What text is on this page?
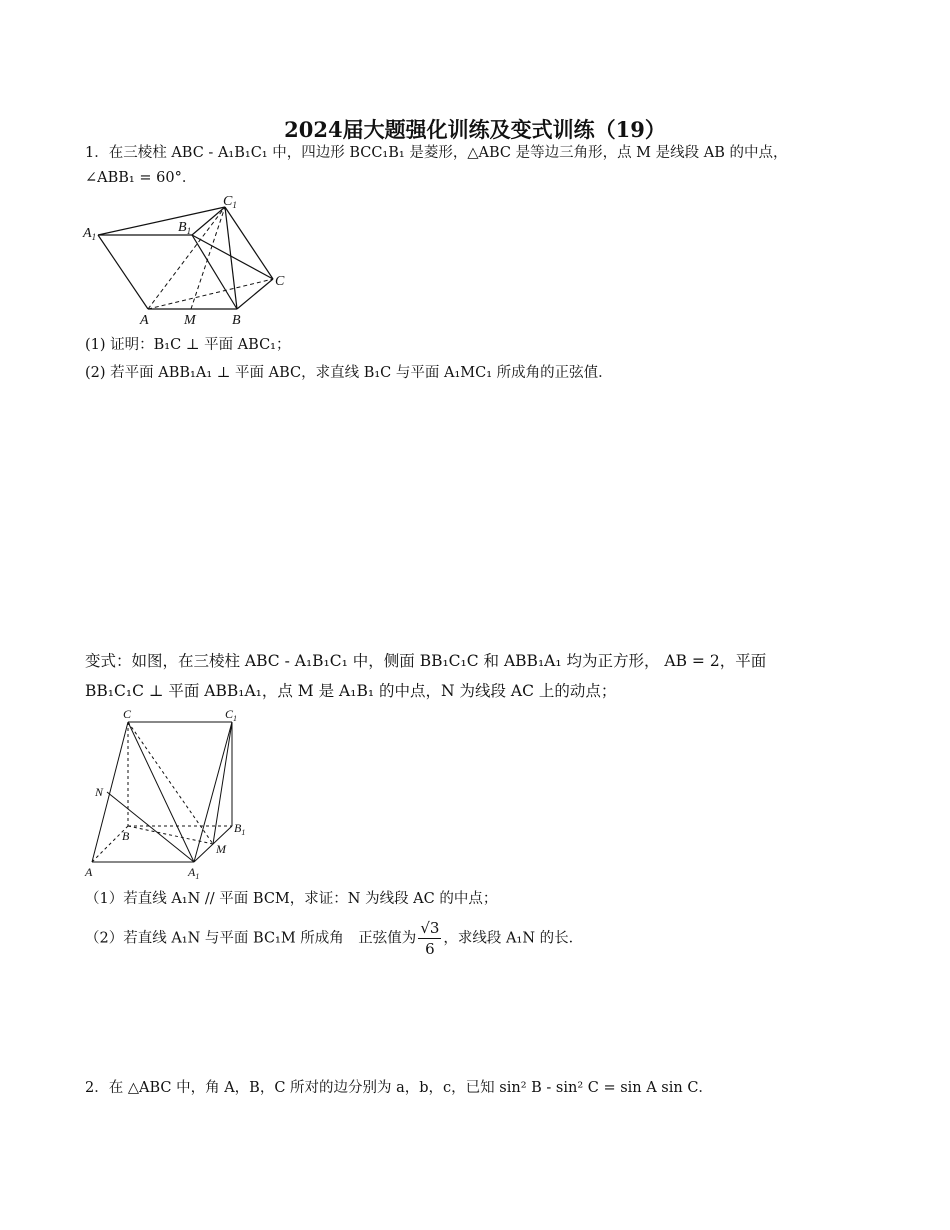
2024届大题强化训练及变式训练（19）
1．在三棱柱 ABC - A₁B₁C₁ 中，四边形 BCC₁B₁ 是菱形，△ABC 是等边三角形，点 M 是线段 AB 的中点，
∠ABB₁ = 60°．
$A_1$
$B_1$
$C_1$
C
A	M	B
(1) 证明：B₁C ⊥ 平面 ABC₁；
(2) 若平面 ABB₁A₁ ⊥ 平面 ABC，求直线 B₁C 与平面 A₁MC₁ 所成角的正弦值．
变式：如图，在三棱柱 ABC - A₁B₁C₁ 中，侧面 BB₁C₁C 和 ABB₁A₁ 均为正方形， AB = 2，平面
BB₁C₁C ⊥ 平面 ABB₁A₁，点 M 是 A₁B₁ 的中点，N 为线段 AC 上的动点；
C	$C_1$
N
B
$B_1$
M
A	$A_1$
（1）若直线 A₁N // 平面 BCM，求证：N 为线段 AC 的中点；
（2）若直线 A₁N 与平面 BC₁M 所成角　正弦值为 $\frac{√3}{6}$ ，求线段 A₁N 的长．
2．在 △ABC 中，角 A，B，C 所对的边分别为 a，b，c，已知 sin² B - sin² C = sin A sin C．
